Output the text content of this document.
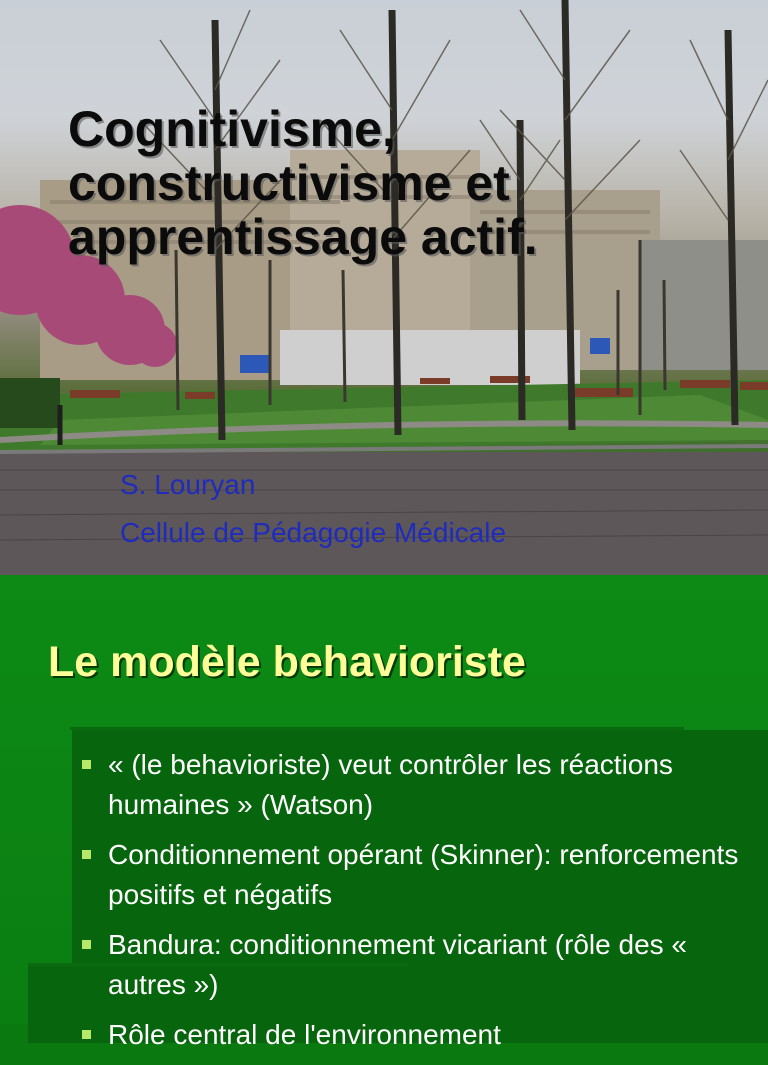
Cognitivisme,
constructivisme et
apprentissage actif.

S. Louryan

Cellule de Pédagogie Médicale

Le modèle behavioriste
« (le behavioriste) veut contrôler les réactions humaines » (Watson)
Conditionnement opérant (Skinner): renforcements positifs et négatifs
Bandura: conditionnement vicariant (rôle des « autres »)
Rôle central de l'environnement
